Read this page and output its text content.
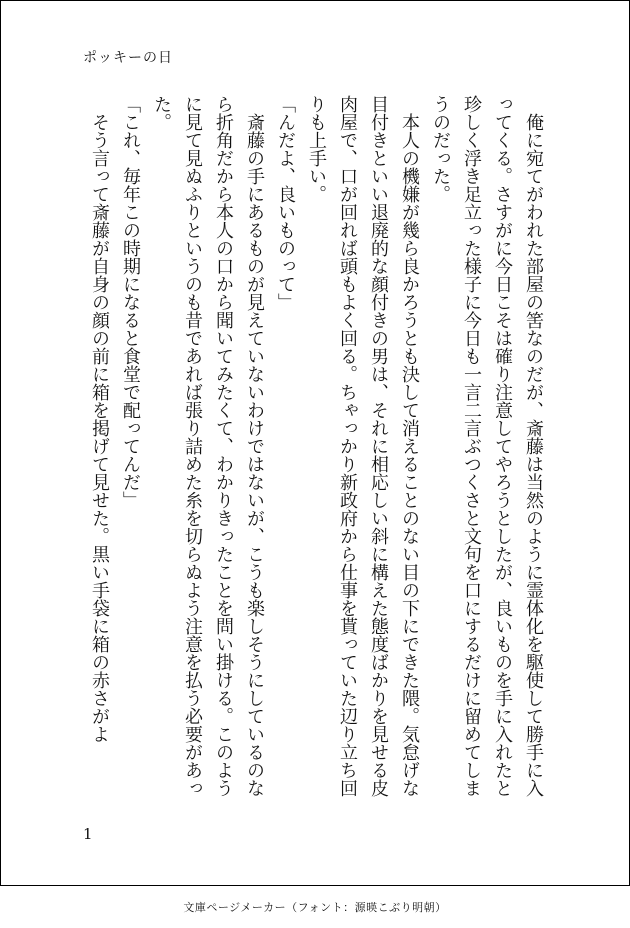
ポッキーの日

俺に宛てがわれた部屋の筈なのだが、斎藤は当然のように霊体化を駆使して勝手に入ってくる。さすがに今日こそは確り注意してやろうとしたが、良いものを手に入れたと珍しく浮き足立った様子に今日も一言二言ぶつくさと文句を口にするだけに留めてしまうのだった。

本人の機嫌が幾ら良かろうとも決して消えることのない目の下にできた隈。気怠げな目付きといい退廃的な顔付きの男は、それに相応しい斜に構えた態度ばかりを見せる皮肉屋で、口が回れば頭もよく回る。ちゃっかり新政府から仕事を貰っていた辺り立ち回りも上手い。

「んだよ、良いものって」

斎藤の手にあるものが見えていないわけではないが、こうも楽しそうにしているのなら折角だから本人の口から聞いてみたくて、わかりきったことを問い掛ける。このように見て見ぬふりというのも昔であれば張り詰めた糸を切らぬよう注意を払う必要があった。

「これ、毎年この時期になると食堂で配ってんだ」

そう言って斎藤が自身の顔の前に箱を掲げて見せた。黒い手袋に箱の赤さがよ

1
文庫ページメーカー（フォント：源暎こぶり明朝）
